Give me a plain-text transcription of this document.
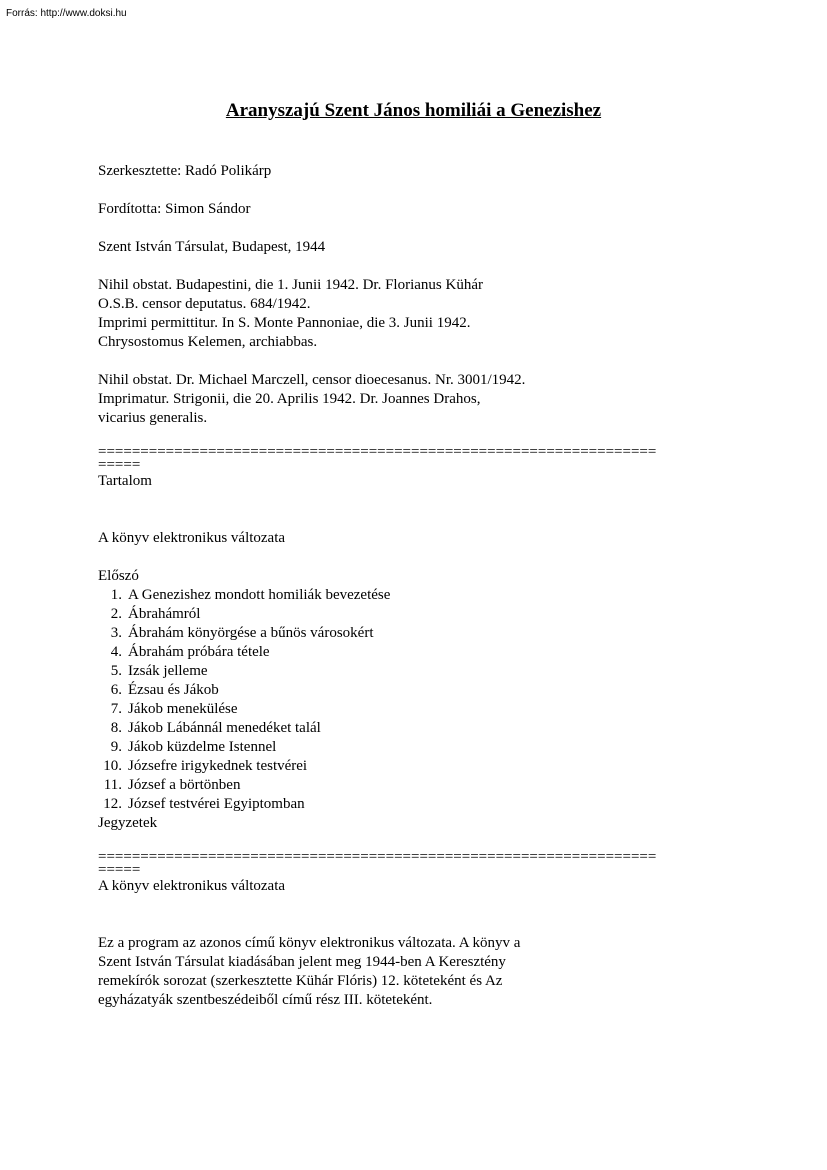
Forrás: http://www.doksi.hu
Aranyszajú Szent János homiliái a Genezishez

Szerkesztette: Radó Polikárp

Fordította: Simon Sándor

Szent István Társulat, Budapest, 1944

Nihil obstat. Budapestini, die 1. Junii 1942. Dr. Florianus Kühár

O.S.B. censor deputatus. 684/1942.

Imprimi permittitur. In S. Monte Pannoniae, die 3. Junii 1942.

Chrysostomus Kelemen, archiabbas.

Nihil obstat. Dr. Michael Marczell, censor dioecesanus. Nr. 3001/1942.

Imprimatur. Strigonii, die 20. Aprilis 1942. Dr. Joannes Drahos,

vicarius generalis.

==================================================================
=====

Tartalom

A könyv elektronikus változata

Előszó

1. A Genezishez mondott homiliák bevezetése
2. Ábrahámról
3. Ábrahám könyörgése a bűnös városokért
4. Ábrahám próbára tétele
5. Izsák jelleme
6. Ézsau és Jákob
7. Jákob menekülése
8. Jákob Lábánnál menedéket talál
9. Jákob küzdelme Istennel
10. Józsefre irigykednek testvérei
11. József a börtönben
12. József testvérei Egyiptomban

Jegyzetek

==================================================================
=====

A könyv elektronikus változata

Ez a program az azonos című könyv elektronikus változata. A könyv a

Szent István Társulat kiadásában jelent meg 1944-ben A Keresztény

remekírók sorozat (szerkesztette Kühár Flóris) 12. köteteként és Az

egyházatyák szentbeszédeiből című rész III. köteteként.
